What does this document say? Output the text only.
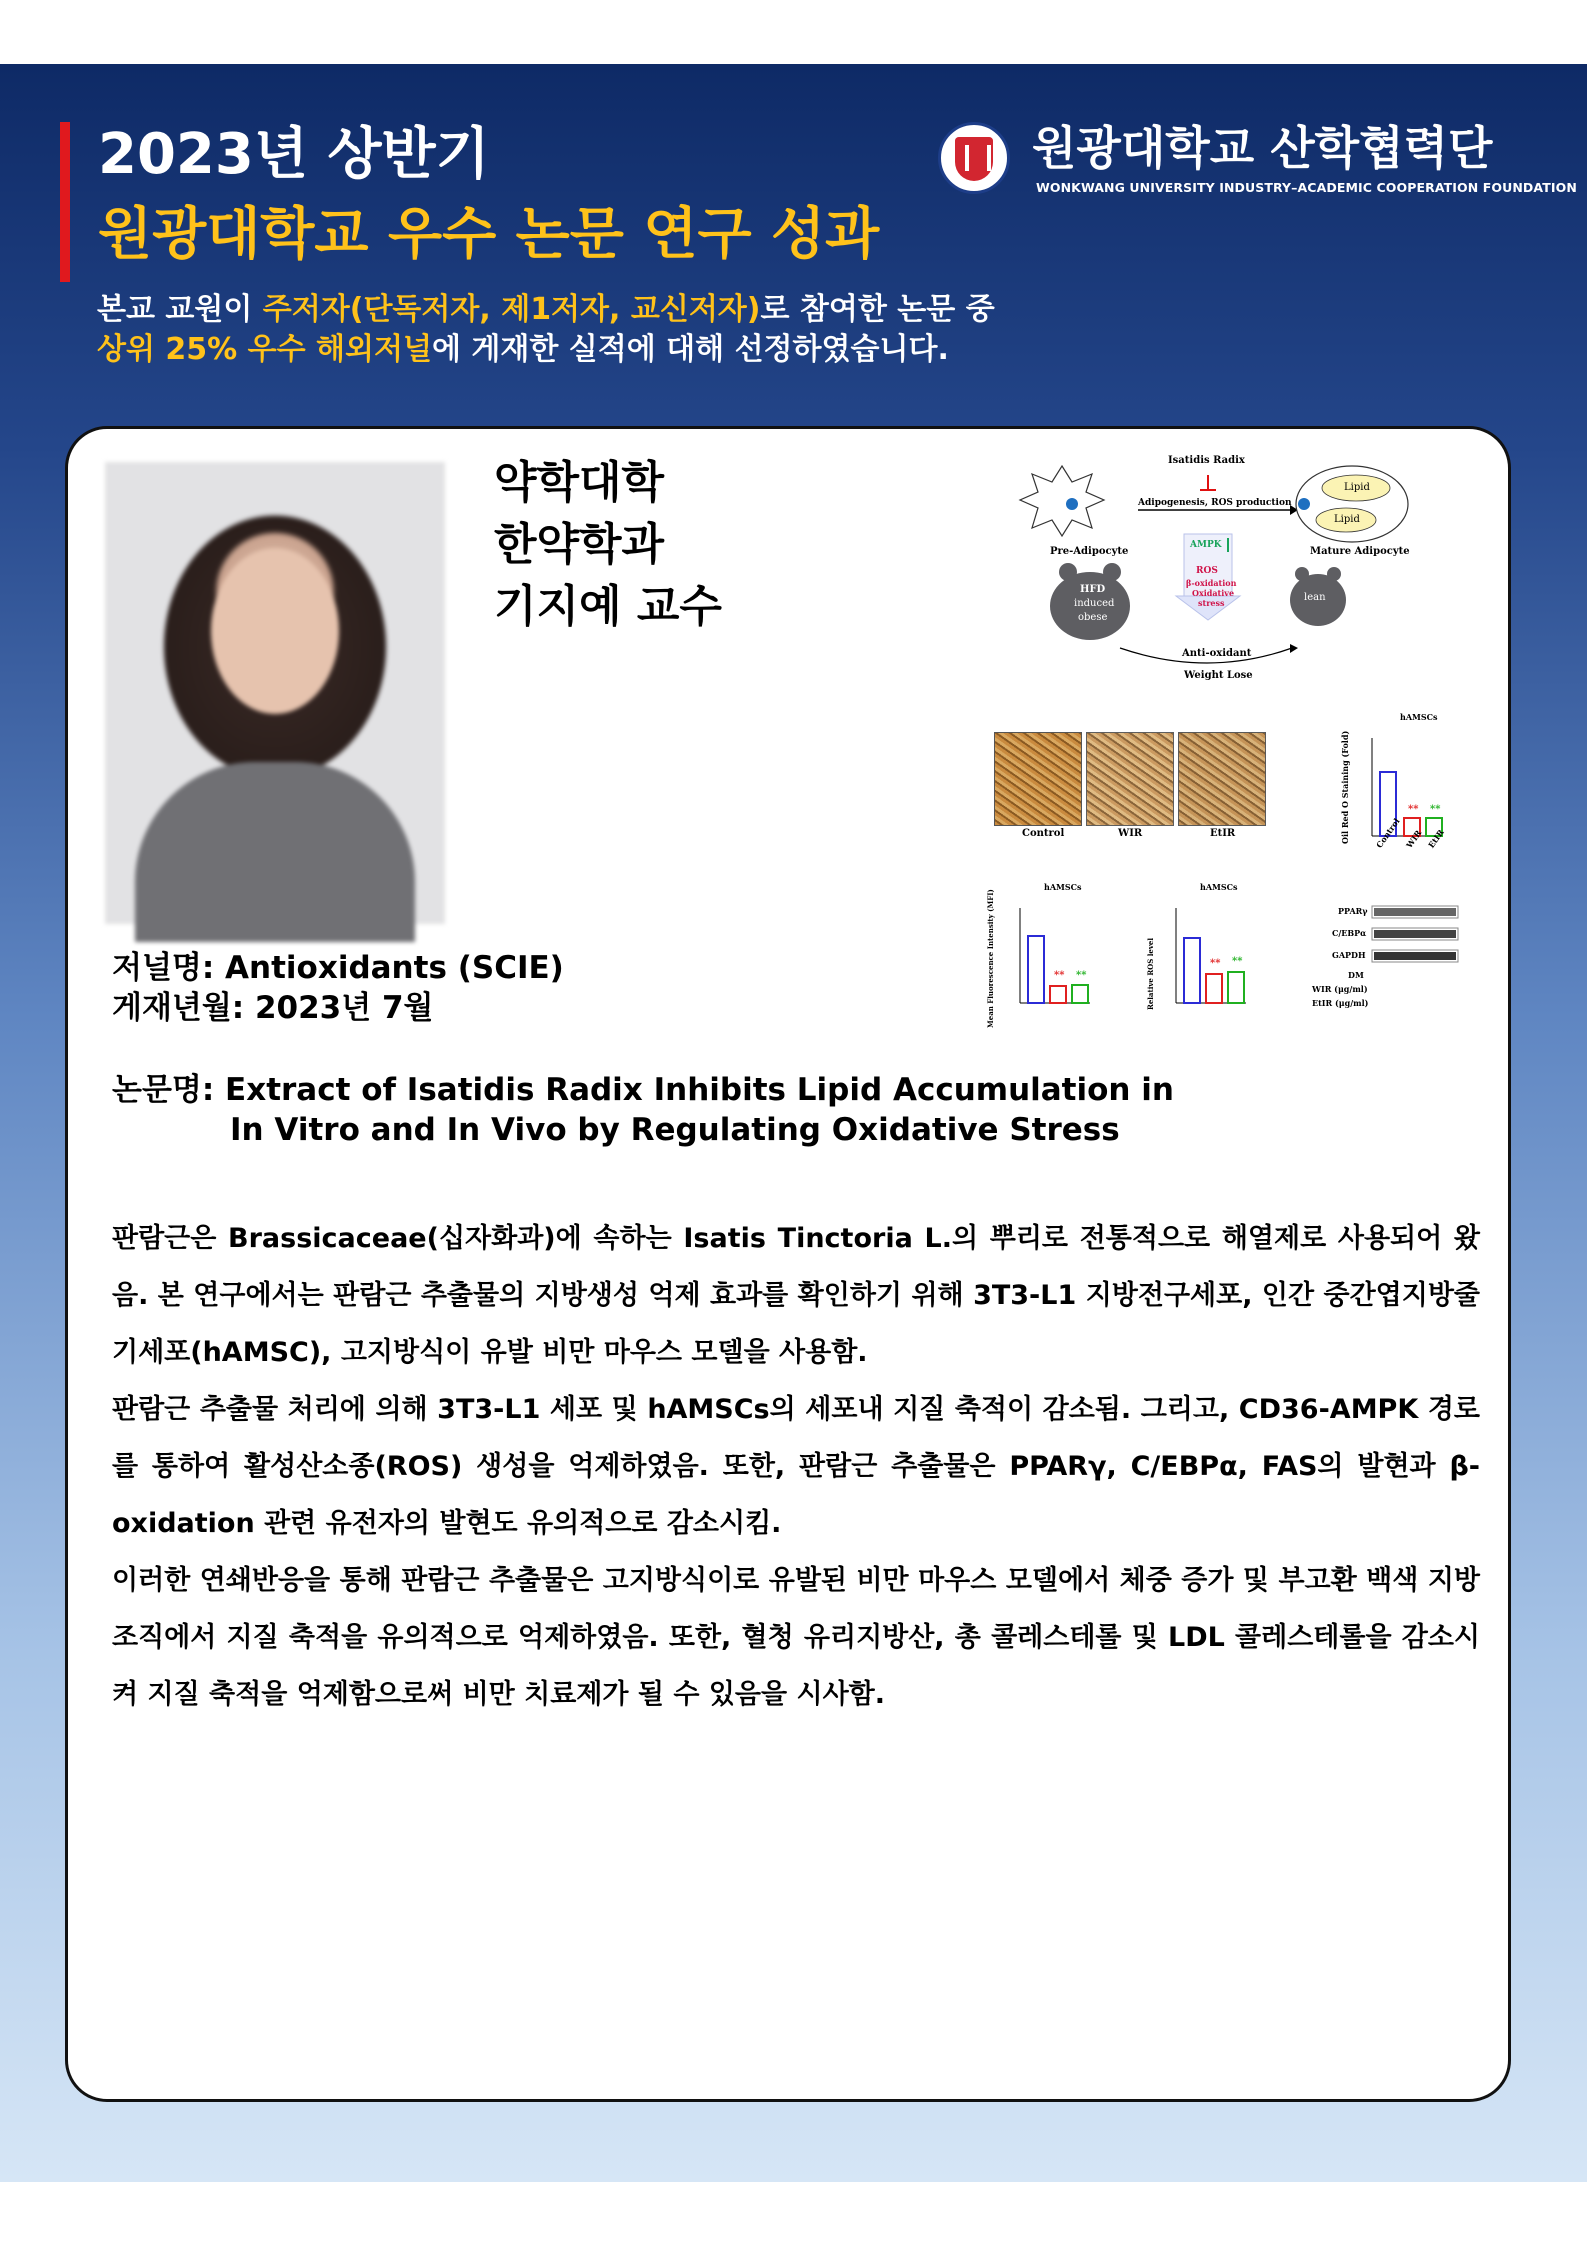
2023년 상반기
원광대학교 우수 논문 연구 성과
본교 교원이 주저자(단독저자, 제1저자, 교신저자)로 참여한 논문 중
상위 25% 우수 해외저널에 게재한 실적에 대해 선정하였습니다.
원광대학교 산학협력단
WONKWANG UNIVERSITY INDUSTRY–ACADEMIC COOPERATION FOUNDATION
약학대학
한약학과
기지예 교수
Isatidis Radix
Adipogenesis, ROS production
Pre-Adipocyte	Mature Adipocyte
Lipid
Lipid
AMPK
ROS
β-oxidation
Oxidative
stress
HFD
induced
obese
lean
Anti-oxidant
Weight Lose
Control	WIR	EtIR
hAMSCs
Oil Red O Staining (Fold)	** **
Control WIR EtIR
hAMSCs
Mean Fluorescence Intensity (MFI)	** **
hAMSCs
Relative ROS level	** **
PPARγ
C/EBPα
GAPDH
DM
WIR (μg/ml)
EtIR (μg/ml)
저널명: Antioxidants (SCIE)
게재년월: 2023년 7월
논문명: Extract of Isatidis Radix Inhibits Lipid Accumulation in
In Vitro and In Vivo by Regulating Oxidative Stress

판람근은 Brassicaceae(십자화과)에 속하는 Isatis Tinctoria L.의 뿌리로 전통적으로 해열제로 사용되어 왔음. 본 연구에서는 판람근 추출물의 지방생성 억제 효과를 확인하기 위해 3T3-L1 지방전구세포, 인간 중간엽지방줄기세포(hAMSC), 고지방식이 유발 비만 마우스 모델을 사용함.

판람근 추출물 처리에 의해 3T3-L1 세포 및 hAMSCs의 세포내 지질 축적이 감소됨. 그리고, CD36-AMPK 경로를 통하여 활성산소종(ROS) 생성을 억제하였음. 또한, 판람근 추출물은 PPARγ, C/EBPα, FAS의 발현과 β-oxidation 관련 유전자의 발현도 유의적으로 감소시킴.

이러한 연쇄반응을 통해 판람근 추출물은 고지방식이로 유발된 비만 마우스 모델에서 체중 증가 및 부고환 백색 지방 조직에서 지질 축적을 유의적으로 억제하였음. 또한, 혈청 유리지방산, 총 콜레스테롤 및 LDL 콜레스테롤을 감소시켜 지질 축적을 억제함으로써 비만 치료제가 될 수 있음을 시사함.
